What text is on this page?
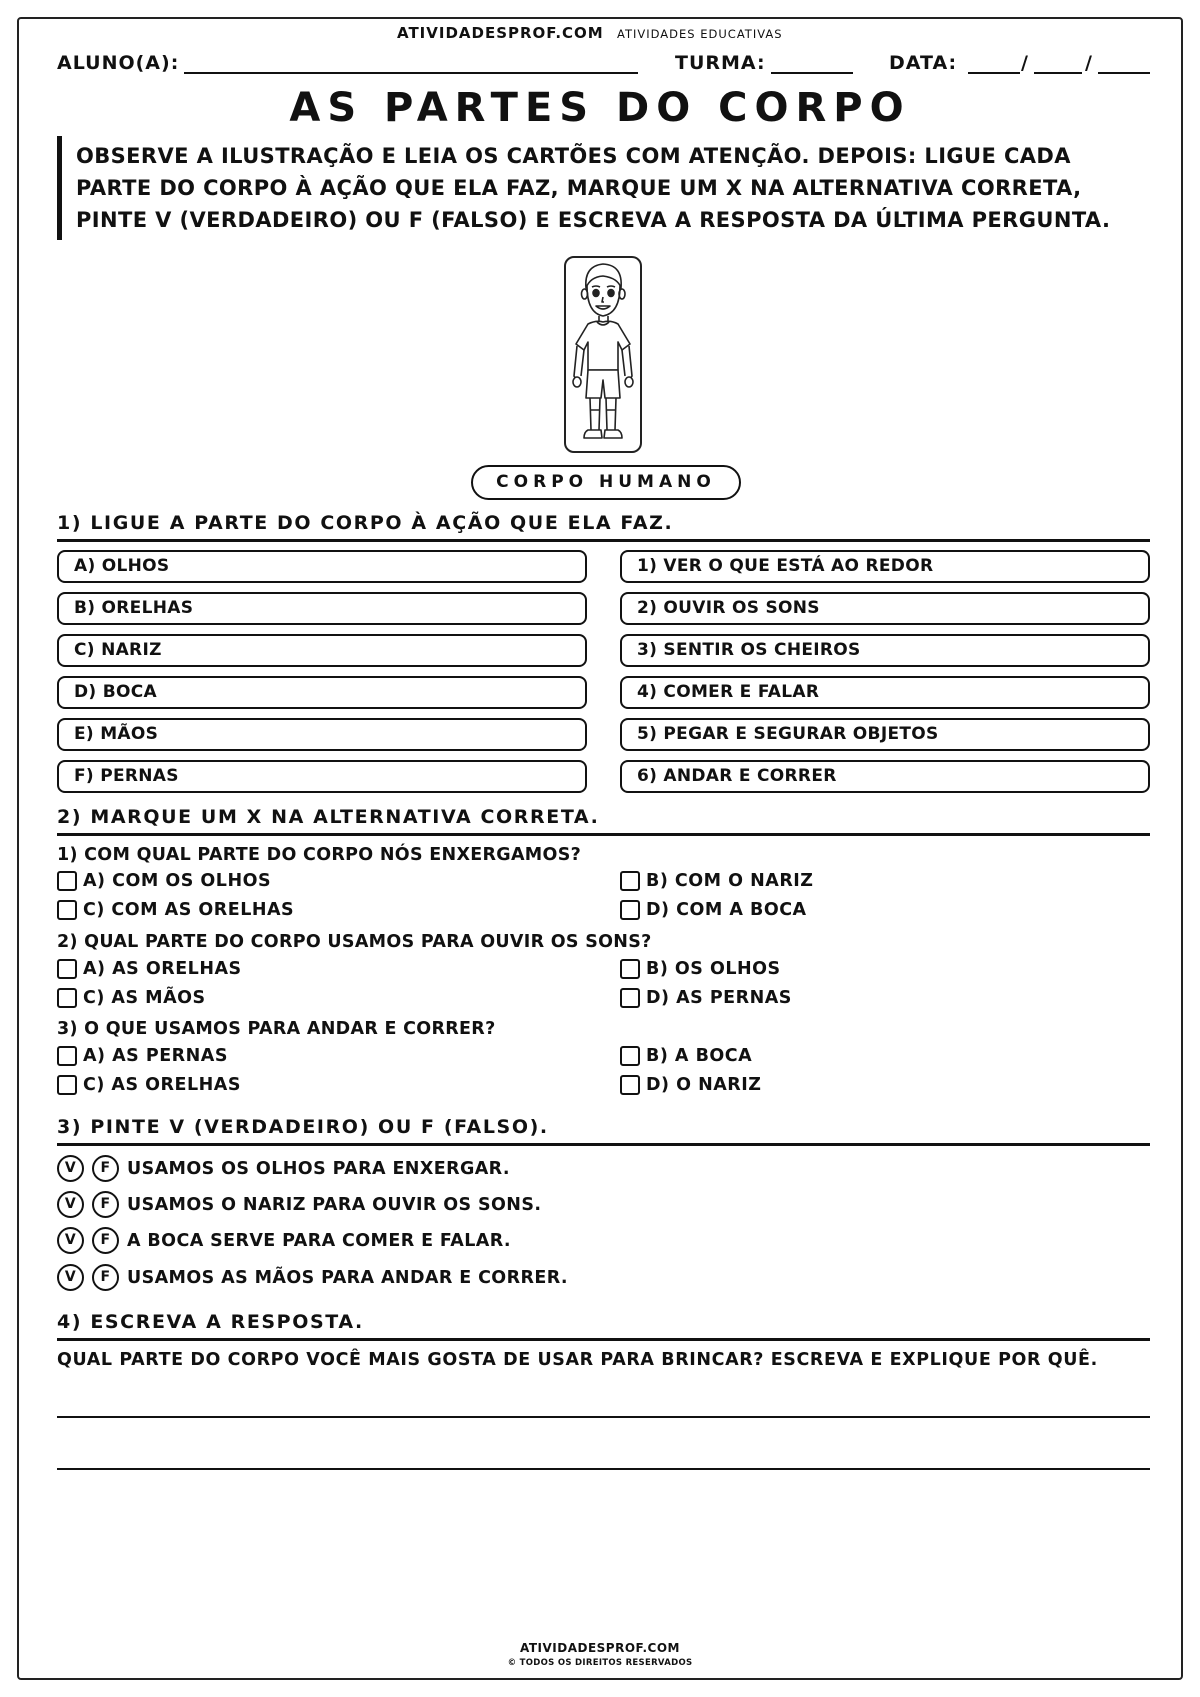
ATIVIDADESPROF.COM ATIVIDADES EDUCATIVAS
ALUNO(A):	TURMA:	DATA:	/	/
AS PARTES DO CORPO
OBSERVE A ILUSTRAÇÃO E LEIA OS CARTÕES COM ATENÇÃO. DEPOIS: LIGUE CADA
PARTE DO CORPO À AÇÃO QUE ELA FAZ, MARQUE UM X NA ALTERNATIVA CORRETA,
PINTE V (VERDADEIRO) OU F (FALSO) E ESCREVA A RESPOSTA DA ÚLTIMA PERGUNTA.
CORPO HUMANO
1) LIGUE A PARTE DO CORPO À AÇÃO QUE ELA FAZ.
A) OLHOS
B) ORELHAS
C) NARIZ
D) BOCA
E) MÃOS
F) PERNAS
1) VER O QUE ESTÁ AO REDOR
2) OUVIR OS SONS
3) SENTIR OS CHEIROS
4) COMER E FALAR
5) PEGAR E SEGURAR OBJETOS
6) ANDAR E CORRER
2) MARQUE UM X NA ALTERNATIVA CORRETA.
1) COM QUAL PARTE DO CORPO NÓS ENXERGAMOS?
A) COM OS OLHOS	B) COM O NARIZ
C) COM AS ORELHAS	D) COM A BOCA
2) QUAL PARTE DO CORPO USAMOS PARA OUVIR OS SONS?
A) AS ORELHAS	B) OS OLHOS
C) AS MÃOS	D) AS PERNAS
3) O QUE USAMOS PARA ANDAR E CORRER?
A) AS PERNAS	B) A BOCA
C) AS ORELHAS	D) O NARIZ
3) PINTE V (VERDADEIRO) OU F (FALSO).
V	F USAMOS OS OLHOS PARA ENXERGAR.
V	F USAMOS O NARIZ PARA OUVIR OS SONS.
V	F A BOCA SERVE PARA COMER E FALAR.
V	F USAMOS AS MÃOS PARA ANDAR E CORRER.
4) ESCREVA A RESPOSTA.
QUAL PARTE DO CORPO VOCÊ MAIS GOSTA DE USAR PARA BRINCAR? ESCREVA E EXPLIQUE POR QUÊ.
ATIVIDADESPROF.COM
© TODOS OS DIREITOS RESERVADOS
